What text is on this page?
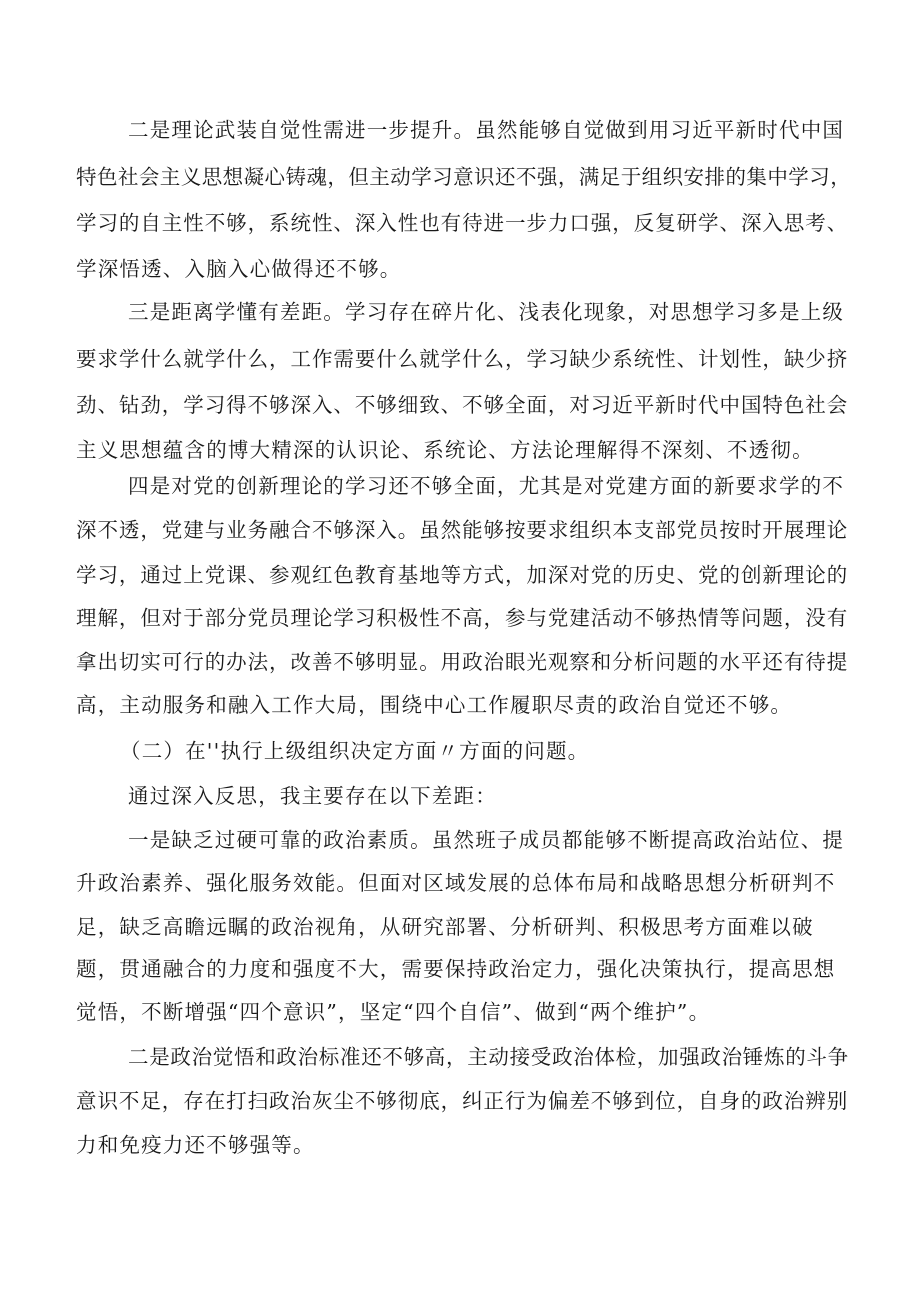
二是理论武装自觉性需进一步提升。虽然能够自觉做到用习近平新时代中国
特色社会主义思想凝心铸魂，但主动学习意识还不强，满足于组织安排的集中学习，
学习的自主性不够，系统性、深入性也有待进一步力口强，反复研学、深入思考、
学深悟透、入脑入心做得还不够。
三是距离学懂有差距。学习存在碎片化、浅表化现象，对思想学习多是上级
要求学什么就学什么，工作需要什么就学什么，学习缺少系统性、计划性，缺少挤
劲、钻劲，学习得不够深入、不够细致、不够全面，对习近平新时代中国特色社会
主义思想蕴含的博大精深的认识论、系统论、方法论理解得不深刻、不透彻。
四是对党的创新理论的学习还不够全面，尤其是对党建方面的新要求学的不
深不透，党建与业务融合不够深入。虽然能够按要求组织本支部党员按时开展理论
学习，通过上党课、参观红色教育基地等方式，加深对党的历史、党的创新理论的
理解，但对于部分党员理论学习积极性不高，参与党建活动不够热情等问题，没有
拿出切实可行的办法，改善不够明显。用政治眼光观察和分析问题的水平还有待提
高，主动服务和融入工作大局，围绕中心工作履职尽责的政治自觉还不够。
（二）在''执行上级组织决定方面〃方面的问题。
通过深入反思，我主要存在以下差距：
一是缺乏过硬可靠的政治素质。虽然班子成员都能够不断提高政治站位、提
升政治素养、强化服务效能。但面对区域发展的总体布局和战略思想分析研判不
足，缺乏高瞻远瞩的政治视角，从研究部署、分析研判、积极思考方面难以破
题，贯通融合的力度和强度不大，需要保持政治定力，强化决策执行，提高思想
觉悟，不断增强“四个意识”，坚定“四个自信”、做到“两个维护”。
二是政治觉悟和政治标准还不够高，主动接受政治体检，加强政治锤炼的斗争
意识不足，存在打扫政治灰尘不够彻底，纠正行为偏差不够到位，自身的政治辨别
力和免疫力还不够强等。
